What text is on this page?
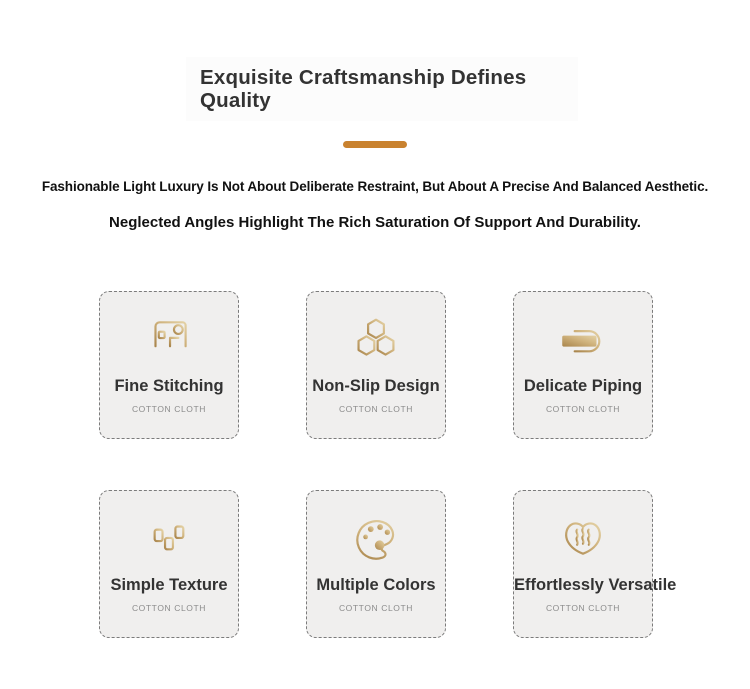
Exquisite Craftsmanship Defines Quality

Fashionable Light Luxury Is Not About Deliberate Restraint, But About A Precise And Balanced Aesthetic.

Neglected Angles Highlight The Rich Saturation Of Support And Durability.

Fine Stitching
COTTON CLOTH
Non-Slip Design
COTTON CLOTH
Delicate Piping
COTTON CLOTH
Simple Texture
COTTON CLOTH
Multiple Colors
COTTON CLOTH
Effortlessly Versatile
COTTON CLOTH
